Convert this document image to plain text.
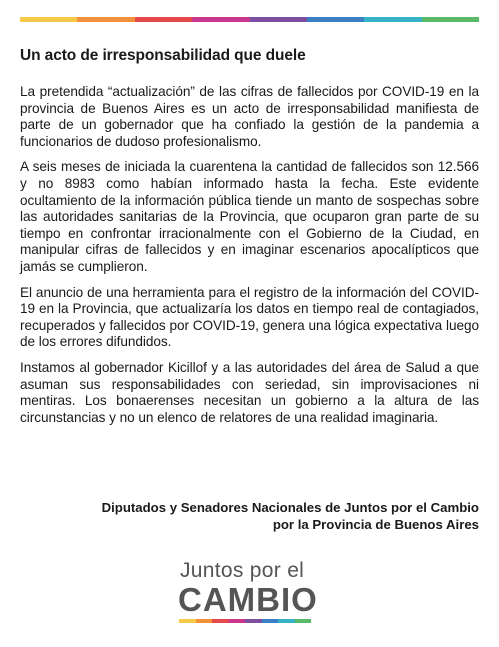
Un acto de irresponsabilidad que duele

La pretendida “actualización” de las cifras de fallecidos por COVID-19 en la provincia de Buenos Aires es un acto de irresponsabilidad manifiesta de parte de un gobernador que ha confiado la gestión de la pandemia a funcionarios de dudoso profesionalismo.

A seis meses de iniciada la cuarentena la cantidad de fallecidos son 12.566 y no 8983 como habían informado hasta la fecha. Este evidente ocultamiento de la información pública tiende un manto de sospechas sobre las autoridades sanitarias de la Provincia, que ocuparon gran parte de su tiempo en confrontar irracionalmente con el Gobierno de la Ciudad, en manipular cifras de fallecidos y en imaginar escenarios apocalípticos que jamás se cumplieron.

El anuncio de una herramienta para el registro de la información del COVID-19 en la Provincia, que actualizaría los datos en tiempo real de contagiados, recuperados y fallecidos por COVID-19, genera una lógica expectativa luego de los errores difundidos.

Instamos al gobernador Kicillof y a las autoridades del área de Salud a que asuman sus responsabilidades con seriedad, sin improvisaciones ni mentiras. Los bonaerenses necesitan un gobierno a la altura de las circunstancias y no un elenco de relatores de una realidad imaginaria.

Diputados y Senadores Nacionales de Juntos por el Cambio
por la Provincia de Buenos Aires
Juntos por el
CAMBIO
